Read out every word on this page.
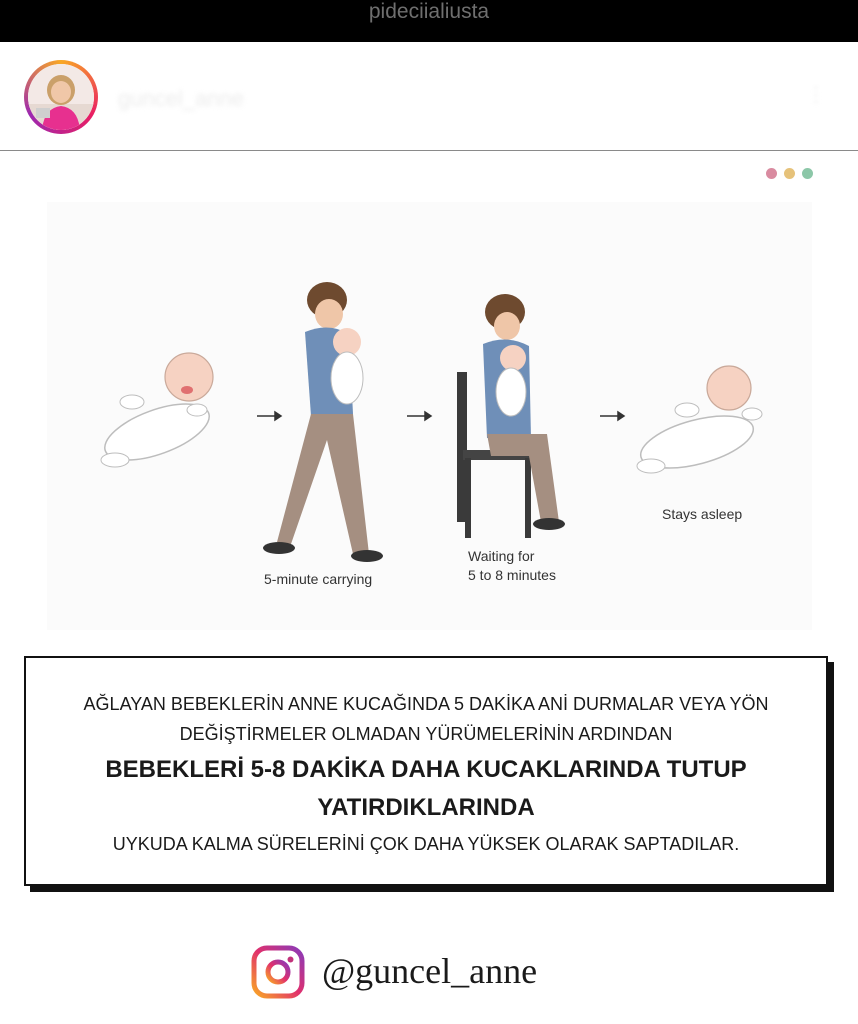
pideciialiusta
guncel_anne	⋮

5-minute carrying
Waiting for
5 to 8 minutes
Stays asleep
AĞLAYAN BEBEKLERİN ANNE KUCAĞINDA 5 DAKİKA ANİ DURMALAR VEYA YÖN
DEĞİŞTİRMELER OLMADAN YÜRÜMELERİNİN ARDINDAN
BEBEKLERİ 5-8 DAKİKA DAHA KUCAKLARINDA TUTUP
YATIRDIKLARINDA
UYKUDA KALMA SÜRELERİNİ ÇOK DAHA YÜKSEK OLARAK SAPTADILAR.
@guncel_anne
